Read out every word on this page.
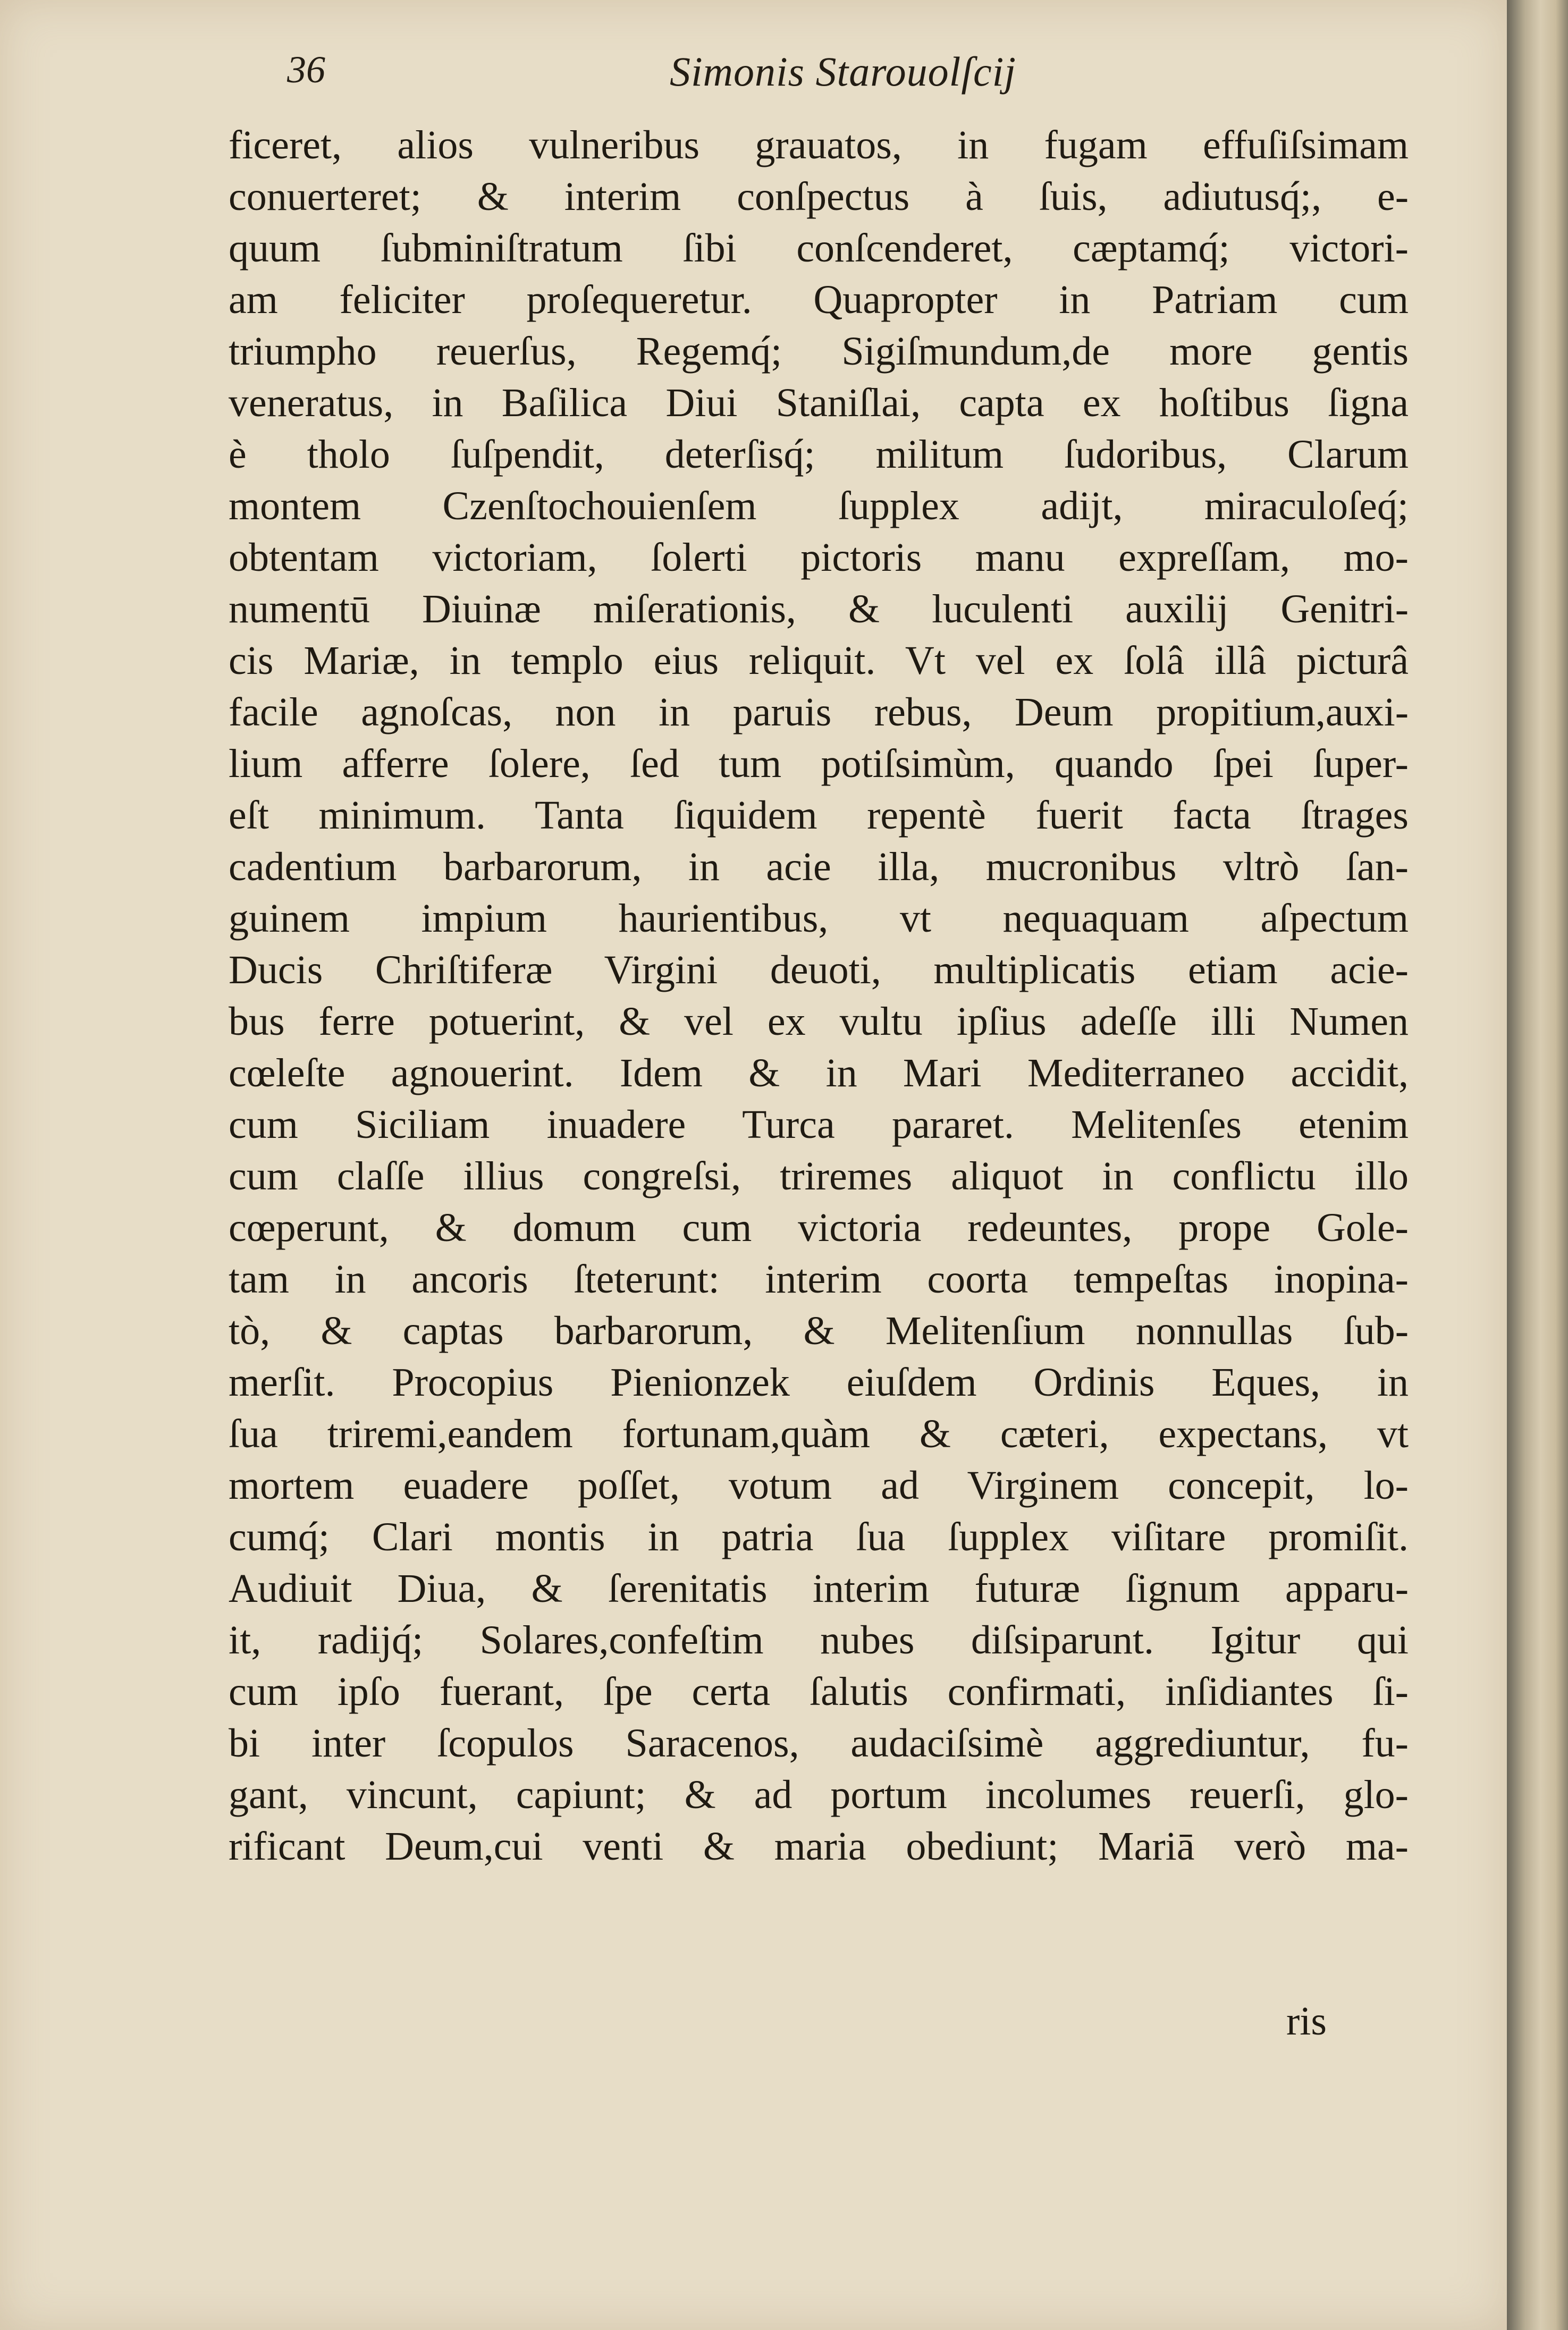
36	Simonis Starouolſcij
ficeret, alios vulneribus grauatos, in fugam effuſiſsimam
conuerteret; & interim conſpectus à ſuis, adiutusq́;, e-
quum ſubminiſtratum ſibi conſcenderet, cæptamq́; victori-
am feliciter proſequeretur. Quapropter in Patriam cum
triumpho reuerſus, Regemq́; Sigiſmundum,de more gentis
veneratus, in Baſilica Diui Staniſlai, capta ex hoſtibus ſigna
è tholo ſuſpendit, deterſisq́; militum ſudoribus, Clarum
montem Czenſtochouienſem ſupplex adijt, miraculoſeq́;
obtentam victoriam, ſolerti pictoris manu expreſſam, mo-
numentū Diuinæ miſerationis, & luculenti auxilij Genitri-
cis Mariæ, in templo eius reliquit. Vt vel ex ſolâ illâ picturâ
facile agnoſcas, non in paruis rebus, Deum propitium,auxi-
lium afferre ſolere, ſed tum potiſsimùm, quando ſpei ſuper-
eſt minimum. Tanta ſiquidem repentè fuerit facta ſtrages
cadentium barbarorum, in acie illa, mucronibus vltrò ſan-
guinem impium haurientibus, vt nequaquam aſpectum
Ducis Chriſtiferæ Virgini deuoti, multiplicatis etiam acie-
bus ferre potuerint, & vel ex vultu ipſius adeſſe illi Numen
cœleſte agnouerint. Idem & in Mari Mediterraneo accidit,
cum Siciliam inuadere Turca pararet. Melitenſes etenim
cum claſſe illius congreſsi, triremes aliquot in conflictu illo
cœperunt, & domum cum victoria redeuntes, prope Gole-
tam in ancoris ſteterunt: interim coorta tempeſtas inopina-
tò, & captas barbarorum, & Melitenſium nonnullas ſub-
merſit. Procopius Pienionzek eiuſdem Ordinis Eques, in
ſua triremi,eandem fortunam,quàm & cæteri, expectans, vt
mortem euadere poſſet, votum ad Virginem concepit, lo-
cumq́; Clari montis in patria ſua ſupplex viſitare promiſit.
Audiuit Diua, & ſerenitatis interim futuræ ſignum apparu-
it, radijq́; Solares,confeſtim nubes diſsiparunt. Igitur qui
cum ipſo fuerant, ſpe certa ſalutis confirmati, inſidiantes ſi-
bi inter ſcopulos Saracenos, audaciſsimè aggrediuntur, fu-
gant, vincunt, capiunt; & ad portum incolumes reuerſi, glo-
rificant Deum,cui venti & maria obediunt; Mariā verò ma-
ris
